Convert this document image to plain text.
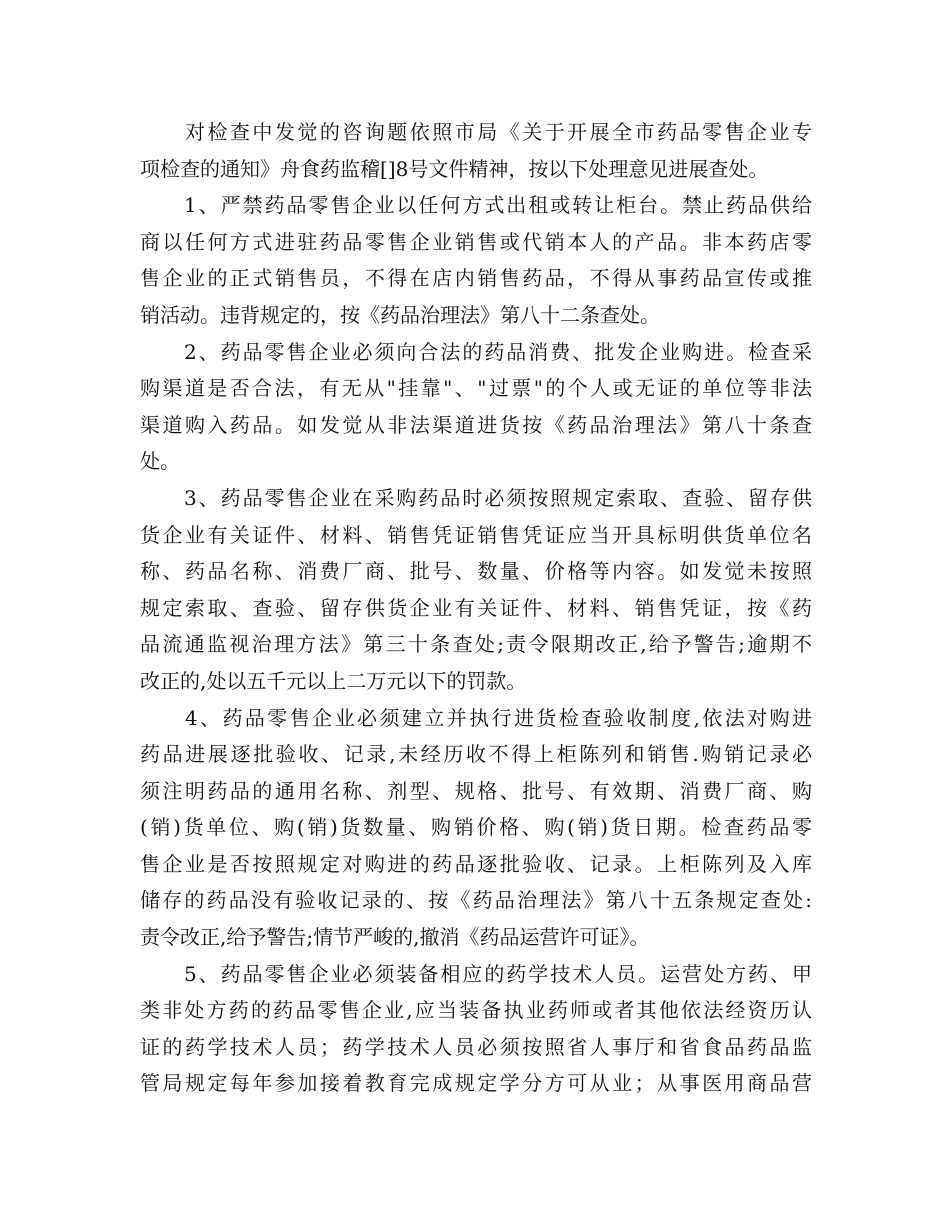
　　对检查中发觉的咨询题依照市局《关于开展全市药品零售企业专
项检查的通知》舟食药监稽[]8号文件精神，按以下处理意见进展查处。
　　1、严禁药品零售企业以任何方式出租或转让柜台。禁止药品供给
商以任何方式进驻药品零售企业销售或代销本人的产品。非本药店零
售企业的正式销售员，不得在店内销售药品，不得从事药品宣传或推
销活动。违背规定的，按《药品治理法》第八十二条查处。
　　2、药品零售企业必须向合法的药品消费、批发企业购进。检查采
购渠道是否合法，有无从"挂靠"、"过票"的个人或无证的单位等非法
渠道购入药品。如发觉从非法渠道进货按《药品治理法》第八十条查
处。
　　3、药品零售企业在采购药品时必须按照规定索取、查验、留存供
货企业有关证件、材料、销售凭证销售凭证应当开具标明供货单位名
称、药品名称、消费厂商、批号、数量、价格等内容。如发觉未按照
规定索取、查验、留存供货企业有关证件、材料、销售凭证，按《药
品流通监视治理方法》第三十条查处;责令限期改正,给予警告;逾期不
改正的,处以五千元以上二万元以下的罚款。
　　4、药品零售企业必须建立并执行进货检查验收制度,依法对购进
药品进展逐批验收、记录,未经历收不得上柜陈列和销售.购销记录必
须注明药品的通用名称、剂型、规格、批号、有效期、消费厂商、购
(销)货单位、购(销)货数量、购销价格、购(销)货日期。检查药品零
售企业是否按照规定对购进的药品逐批验收、记录。上柜陈列及入库
储存的药品没有验收记录的、按《药品治理法》第八十五条规定查处:
责令改正,给予警告;情节严峻的,撤消《药品运营许可证》。
　　5、药品零售企业必须装备相应的药学技术人员。运营处方药、甲
类非处方药的药品零售企业,应当装备执业药师或者其他依法经资历认
证的药学技术人员；药学技术人员必须按照省人事厅和省食品药品监
管局规定每年参加接着教育完成规定学分方可从业；从事医用商品营
